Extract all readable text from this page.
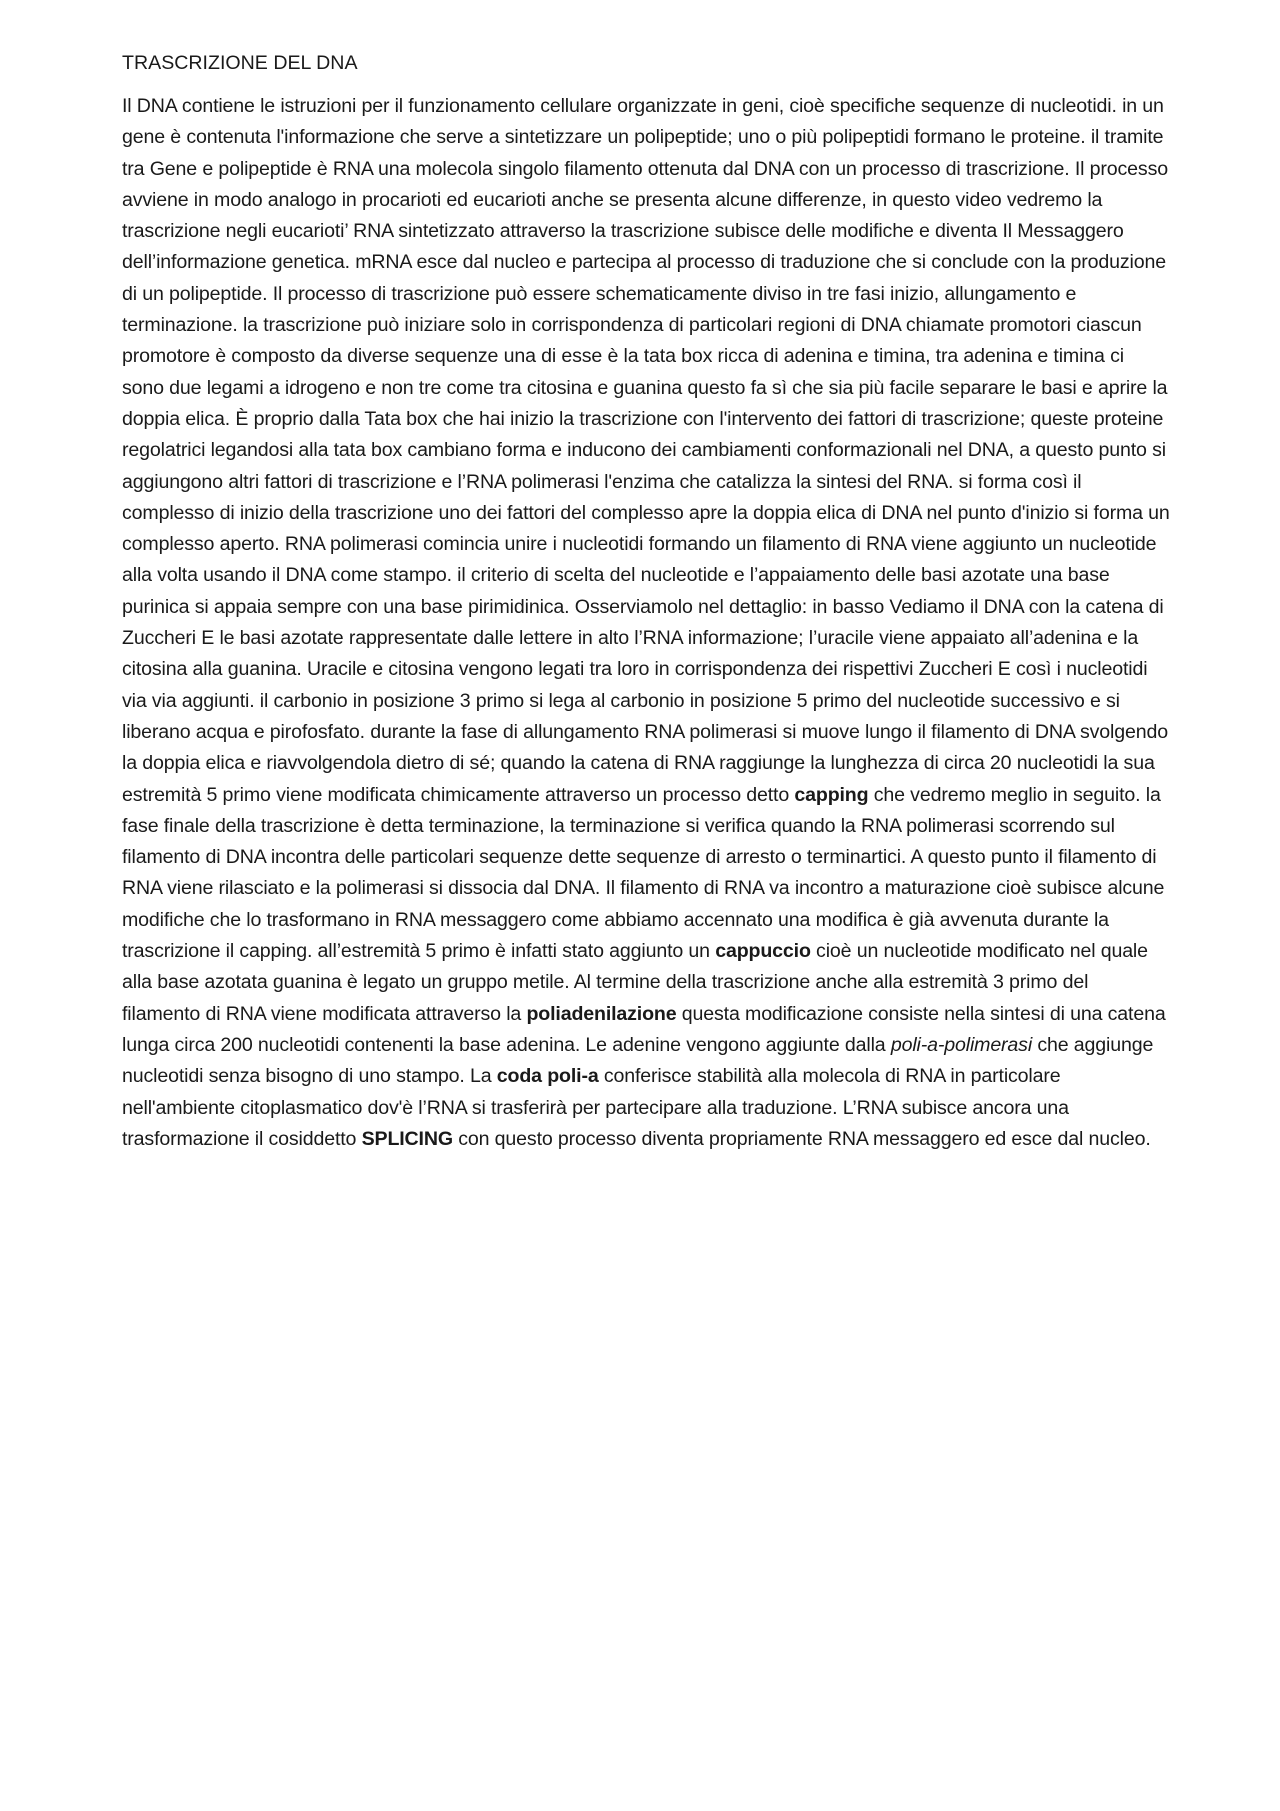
TRASCRIZIONE DEL DNA

Il DNA contiene le istruzioni per il funzionamento cellulare organizzate in geni, cioè specifiche sequenze di nucleotidi. in un gene è contenuta l'informazione che serve a sintetizzare un polipeptide; uno o più polipeptidi formano le proteine. il tramite tra Gene e polipeptide è RNA una molecola singolo filamento ottenuta dal DNA con un processo di trascrizione. Il processo avviene in modo analogo in procarioti ed eucarioti anche se presenta alcune differenze, in questo video vedremo la trascrizione negli eucarioti’ RNA sintetizzato attraverso la trascrizione subisce delle modifiche e diventa Il Messaggero dell’informazione genetica. mRNA esce dal nucleo e partecipa al processo di traduzione che si conclude con la produzione di un polipeptide. Il processo di trascrizione può essere schematicamente diviso in tre fasi inizio, allungamento e terminazione. la trascrizione può iniziare solo in corrispondenza di particolari regioni di DNA chiamate promotori ciascun promotore è composto da diverse sequenze una di esse è la tata box ricca di adenina e timina, tra adenina e timina ci sono due legami a idrogeno e non tre come tra citosina e guanina questo fa sì che sia più facile separare le basi e aprire la doppia elica. È proprio dalla Tata box che hai inizio la trascrizione con l'intervento dei fattori di trascrizione; queste proteine regolatrici legandosi alla tata box cambiano forma e inducono dei cambiamenti conformazionali nel DNA, a questo punto si aggiungono altri fattori di trascrizione e l’RNA polimerasi l'enzima che catalizza la sintesi del RNA. si forma così il complesso di inizio della trascrizione uno dei fattori del complesso apre la doppia elica di DNA nel punto d'inizio si forma un complesso aperto. RNA polimerasi comincia unire i nucleotidi formando un filamento di RNA viene aggiunto un nucleotide alla volta usando il DNA come stampo. il criterio di scelta del nucleotide e l’appaiamento delle basi azotate una base purinica si appaia sempre con una base pirimidinica. Osserviamolo nel dettaglio: in basso Vediamo il DNA con la catena di Zuccheri E le basi azotate rappresentate dalle lettere in alto l’RNA informazione; l’uracile viene appaiato all’adenina e la citosina alla guanina. Uracile e citosina vengono legati tra loro in corrispondenza dei rispettivi Zuccheri E così i nucleotidi via via aggiunti. il carbonio in posizione 3 primo si lega al carbonio in posizione 5 primo del nucleotide successivo e si liberano acqua e pirofosfato. durante la fase di allungamento RNA polimerasi si muove lungo il filamento di DNA svolgendo la doppia elica e riavvolgendola dietro di sé; quando la catena di RNA raggiunge la lunghezza di circa 20 nucleotidi la sua estremità 5 primo viene modificata chimicamente attraverso un processo detto capping che vedremo meglio in seguito. la fase finale della trascrizione è detta terminazione, la terminazione si verifica quando la RNA polimerasi scorrendo sul filamento di DNA incontra delle particolari sequenze dette sequenze di arresto o terminartici. A questo punto il filamento di RNA viene rilasciato e la polimerasi si dissocia dal DNA. Il filamento di RNA va incontro a maturazione cioè subisce alcune modifiche che lo trasformano in RNA messaggero come abbiamo accennato una modifica è già avvenuta durante la trascrizione il capping. all’estremità 5 primo è infatti stato aggiunto un cappuccio cioè un nucleotide modificato nel quale alla base azotata guanina è legato un gruppo metile. Al termine della trascrizione anche alla estremità 3 primo del filamento di RNA viene modificata attraverso la poliadenilazione questa modificazione consiste nella sintesi di una catena lunga circa 200 nucleotidi contenenti la base adenina. Le adenine vengono aggiunte dalla poli-a-polimerasi che aggiunge nucleotidi senza bisogno di uno stampo. La coda poli-a conferisce stabilità alla molecola di RNA in particolare nell'ambiente citoplasmatico dov'è l’RNA si trasferirà per partecipare alla traduzione. L’RNA subisce ancora una trasformazione il cosiddetto SPLICING con questo processo diventa propriamente RNA messaggero ed esce dal nucleo.
